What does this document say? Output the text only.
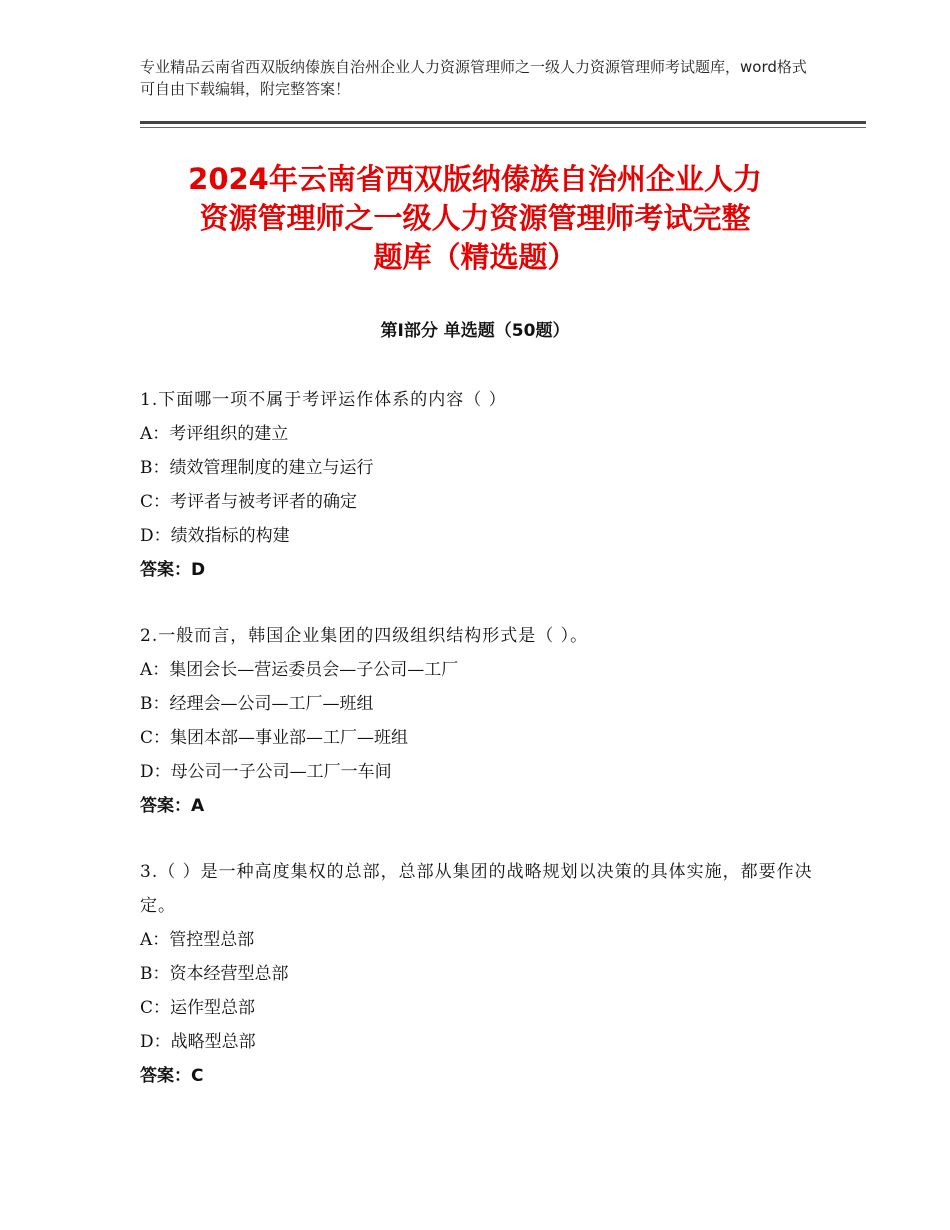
专业精品云南省西双版纳傣族自治州企业人力资源管理师之一级人力资源管理师考试题库，word格式可自由下载编辑，附完整答案！
2024年云南省西双版纳傣族自治州企业人力
资源管理师之一级人力资源管理师考试完整
题库（精选题）
第Ⅰ部分 单选题（50题）

1.下面哪一项不属于考评运作体系的内容（ ）

A：考评组织的建立

B：绩效管理制度的建立与运行

C：考评者与被考评者的确定

D：绩效指标的构建

答案：D

2.一般而言，韩国企业集团的四级组织结构形式是（ ）。

A：集团会长—营运委员会—子公司—工厂

B：经理会—公司—工厂—班组

C：集团本部—事业部—工厂—班组

D：母公司一子公司—工厂一车间

答案：A

3.（ ）是一种高度集权的总部，总部从集团的战略规划以决策的具体实施，都要作决定。

A：管控型总部

B：资本经营型总部

C：运作型总部

D：战略型总部

答案：C
